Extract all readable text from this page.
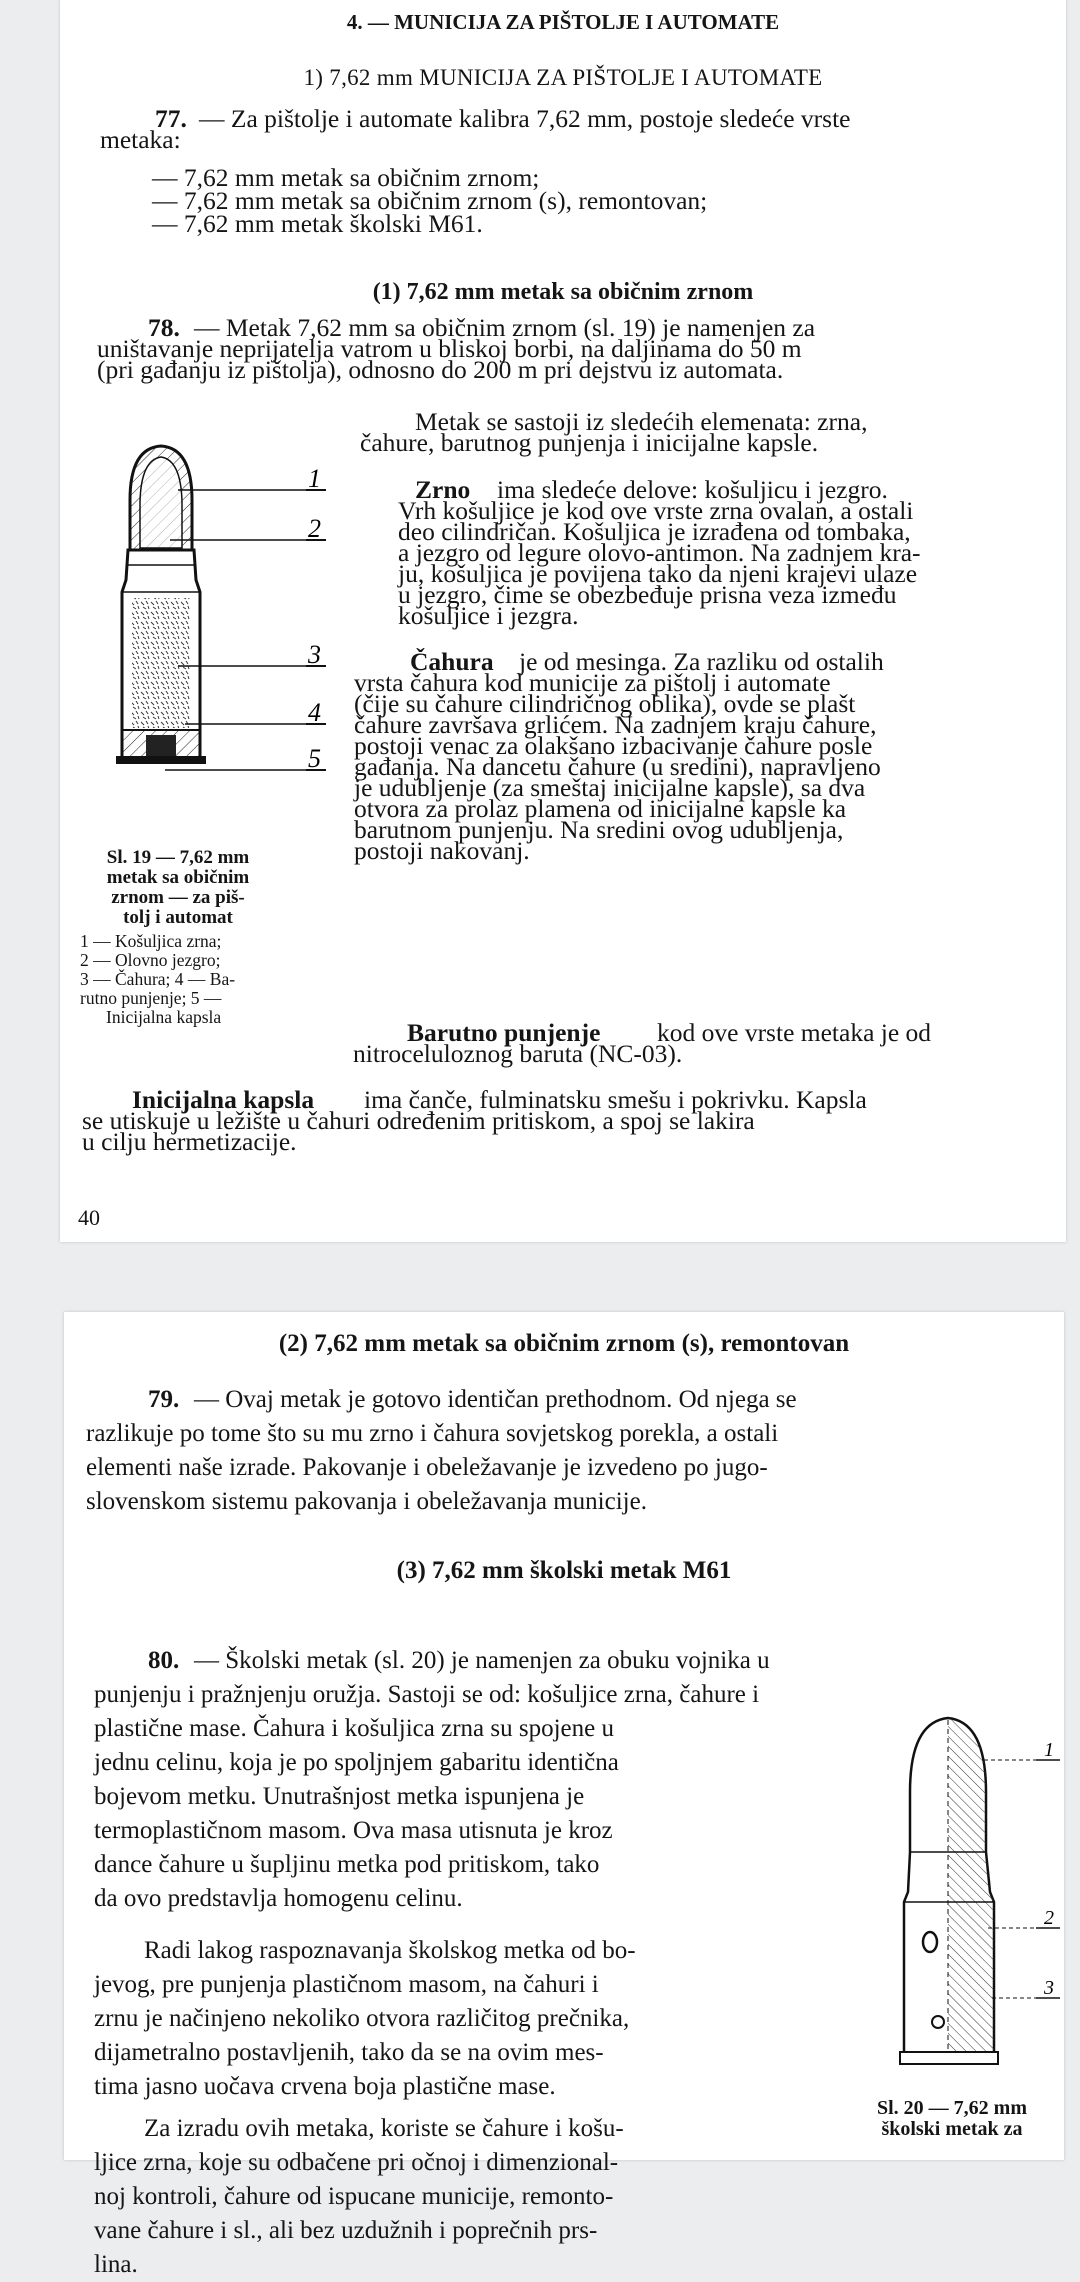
4. — MUNICIJA ZA PIŠTOLJE I AUTOMATE

1) 7,62 mm MUNICIJA ZA PIŠTOLJE I AUTOMATE

77. — Za pištolje i automate kalibra 7,62 mm, postoje sledeće vrste

metaka:

— 7,62 mm metak sa običnim zrnom;

— 7,62 mm metak sa običnim zrnom (s), remontovan;

— 7,62 mm metak školski M61.

(1) 7,62 mm metak sa običnim zrnom

78. — Metak 7,62 mm sa običnim zrnom (sl. 19) je namenjen za

uništavanje neprijatelja vatrom u bliskoj borbi, na daljinama do 50 m

(pri gađanju iz pištolja), odnosno do 200 m pri dejstvu iz automata.

Metak se sastoji iz sledećih elemenata: zrna,

čahure, barutnog punjenja i inicijalne kapsle.

Zrno ima sledeće delove: košuljicu i jezgro.

Vrh košuljice je kod ove vrste zrna ovalan, a ostali

deo cilindričan. Košuljica je izrađena od tombaka,

a jezgro od legure olovo-antimon. Na zadnjem kra-

ju, košuljica je povijena tako da njeni krajevi ulaze

u jezgro, čime se obezbeđuje prisna veza između

košuljice i jezgra.

Čahura je od mesinga. Za razliku od ostalih

vrsta čahura kod municije za pištolj i automate

(čije su čahure cilindričnog oblika), ovde se plašt

čahure završava grlićem. Na zadnjem kraju čahure,

postoji venac za olakšano izbacivanje čahure posle

gađanja. Na dancetu čahure (u sredini), napravljeno

je udubljenje (za smeštaj inicijalne kapsle), sa dva

otvora za prolaz plamena od inicijalne kapsle ka

barutnom punjenju. Na sredini ovog udubljenja,

postoji nakovanj.

Barutno punjenje kod ove vrste metaka je od

nitroceluloznog baruta (NC-03).

Inicijalna kapsla ima čanče, fulminatsku smešu i pokrivku. Kapsla

se utiskuje u ležište u čahuri određenim pritiskom, a spoj se lakira

u cilju hermetizacije.

1
2
3
4
5
Sl. 19 — 7,62 mm
metak sa običnim
zrnom — za piš-
tolj i automat
1 — Košuljica zrna;
2 — Olovno jezgro;
3 — Čahura; 4 — Ba-
rutno punjenje; 5 —
Inicijalna kapsla

40

(2) 7,62 mm metak sa običnim zrnom (s), remontovan

79. — Ovaj metak je gotovo identičan prethodnom. Od njega se

razlikuje po tome što su mu zrno i čahura sovjetskog porekla, a ostali

elementi naše izrade. Pakovanje i obeležavanje je izvedeno po jugo-

slovenskom sistemu pakovanja i obeležavanja municije.

(3) 7,62 mm školski metak M61

80. — Školski metak (sl. 20) je namenjen za obuku vojnika u

punjenju i pražnjenju oružja. Sastoji se od: košuljice zrna, čahure i

plastične mase. Čahura i košuljica zrna su spojene u

jednu celinu, koja je po spoljnjem gabaritu identična

bojevom metku. Unutrašnjost metka ispunjena je

termoplastičnom masom. Ova masa utisnuta je kroz

dance čahure u šupljinu metka pod pritiskom, tako

da ovo predstavlja homogenu celinu.

Radi lakog raspoznavanja školskog metka od bo-

jevog, pre punjenja plastičnom masom, na čahuri i

zrnu je načinjeno nekoliko otvora različitog prečnika,

dijametralno postavljenih, tako da se na ovim mes-

tima jasno uočava crvena boja plastične mase.

Za izradu ovih metaka, koriste se čahure i košu-

ljice zrna, koje su odbačene pri očnoj i dimenzional-

noj kontroli, čahure od ispucane municije, remonto-

vane čahure i sl., ali bez uzdužnih i poprečnih prs-

lina.

1
2
3
Sl. 20 — 7,62 mm
školski metak za
